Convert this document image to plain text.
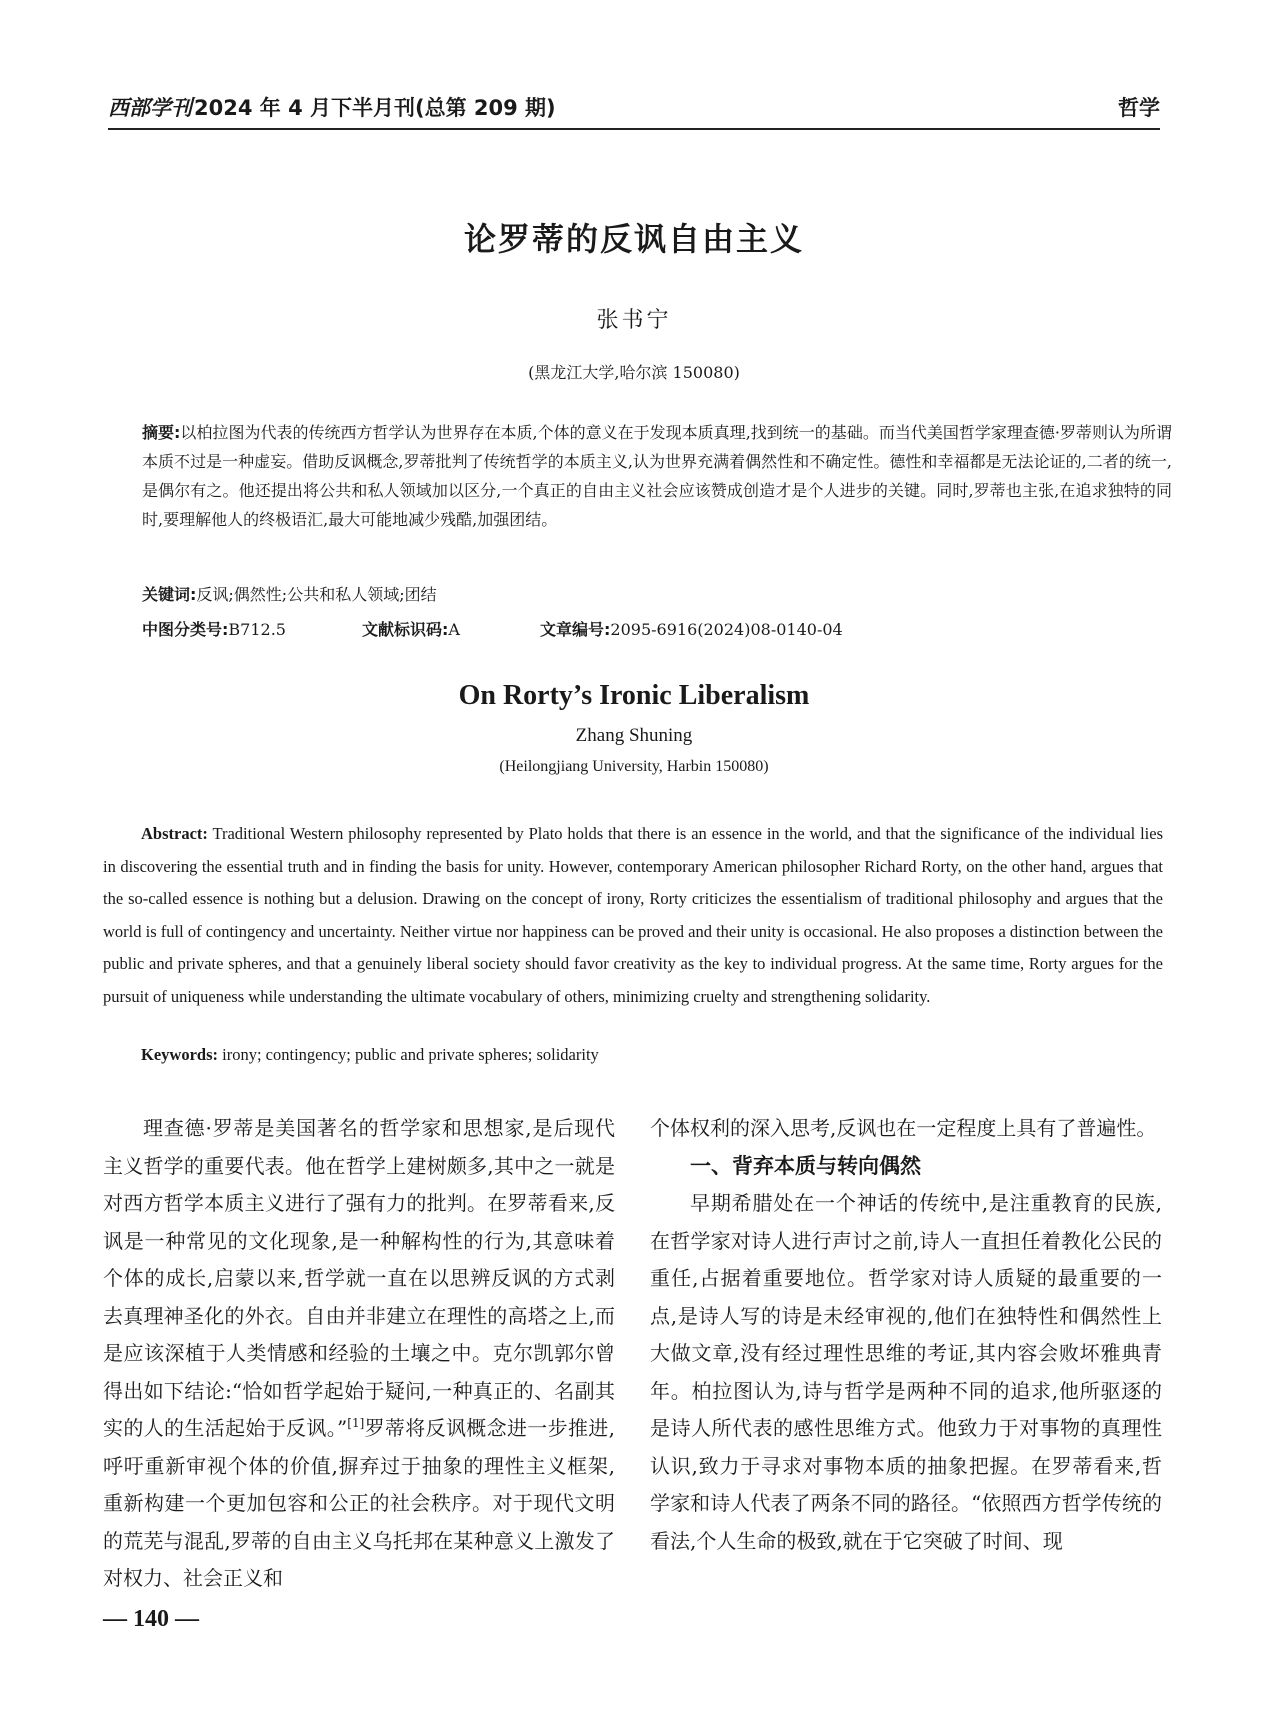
西部学刊2024 年 4 月下半月刊(总第 209 期)	哲学
论罗蒂的反讽自由主义
张书宁
(黑龙江大学,哈尔滨 150080)
摘要:以柏拉图为代表的传统西方哲学认为世界存在本质,个体的意义在于发现本质真理,找到统一的基础。而当代美国哲学家理查德·罗蒂则认为所谓本质不过是一种虚妄。借助反讽概念,罗蒂批判了传统哲学的本质主义,认为世界充满着偶然性和不确定性。德性和幸福都是无法论证的,二者的统一,是偶尔有之。他还提出将公共和私人领域加以区分,一个真正的自由主义社会应该赞成创造才是个人进步的关键。同时,罗蒂也主张,在追求独特的同时,要理解他人的终极语汇,最大可能地减少残酷,加强团结。
关键词:反讽;偶然性;公共和私人领域;团结
中图分类号:B712.5	文献标识码:A	文章编号:2095-6916(2024)08-0140-04
On Rorty’s Ironic Liberalism
Zhang Shuning
(Heilongjiang University, Harbin 150080)
Abstract: Traditional Western philosophy represented by Plato holds that there is an essence in the world, and that the significance of the individual lies in discovering the essential truth and in finding the basis for unity. However, contemporary American philosopher Richard Rorty, on the other hand, argues that the so-called essence is nothing but a delusion. Drawing on the concept of irony, Rorty criticizes the essentialism of traditional philosophy and argues that the world is full of contingency and uncertainty. Neither virtue nor happiness can be proved and their unity is occasional. He also proposes a distinction between the public and private spheres, and that a genuinely liberal society should favor creativity as the key to individual progress. At the same time, Rorty argues for the pursuit of uniqueness while understanding the ultimate vocabulary of others, minimizing cruelty and strengthening solidarity.
Keywords: irony; contingency; public and private spheres; solidarity

理查德·罗蒂是美国著名的哲学家和思想家,是后现代主义哲学的重要代表。他在哲学上建树颇多,其中之一就是对西方哲学本质主义进行了强有力的批判。在罗蒂看来,反讽是一种常见的文化现象,是一种解构性的行为,其意味着个体的成长,启蒙以来,哲学就一直在以思辨反讽的方式剥去真理神圣化的外衣。自由并非建立在理性的高塔之上,而是应该深植于人类情感和经验的土壤之中。克尔凯郭尔曾得出如下结论:“恰如哲学起始于疑问,一种真正的、名副其实的人的生活起始于反讽。”[1]罗蒂将反讽概念进一步推进,呼吁重新审视个体的价值,摒弃过于抽象的理性主义框架,重新构建一个更加包容和公正的社会秩序。对于现代文明的荒芜与混乱,罗蒂的自由主义乌托邦在某种意义上激发了对权力、社会正义和

个体权利的深入思考,反讽也在一定程度上具有了普遍性。

一、背弃本质与转向偶然

早期希腊处在一个神话的传统中,是注重教育的民族,在哲学家对诗人进行声讨之前,诗人一直担任着教化公民的重任,占据着重要地位。哲学家对诗人质疑的最重要的一点,是诗人写的诗是未经审视的,他们在独特性和偶然性上大做文章,没有经过理性思维的考证,其内容会败坏雅典青年。柏拉图认为,诗与哲学是两种不同的追求,他所驱逐的是诗人所代表的感性思维方式。他致力于对事物的真理性认识,致力于寻求对事物本质的抽象把握。在罗蒂看来,哲学家和诗人代表了两条不同的路径。“依照西方哲学传统的看法,个人生命的极致,就在于它突破了时间、现

— 140 —
